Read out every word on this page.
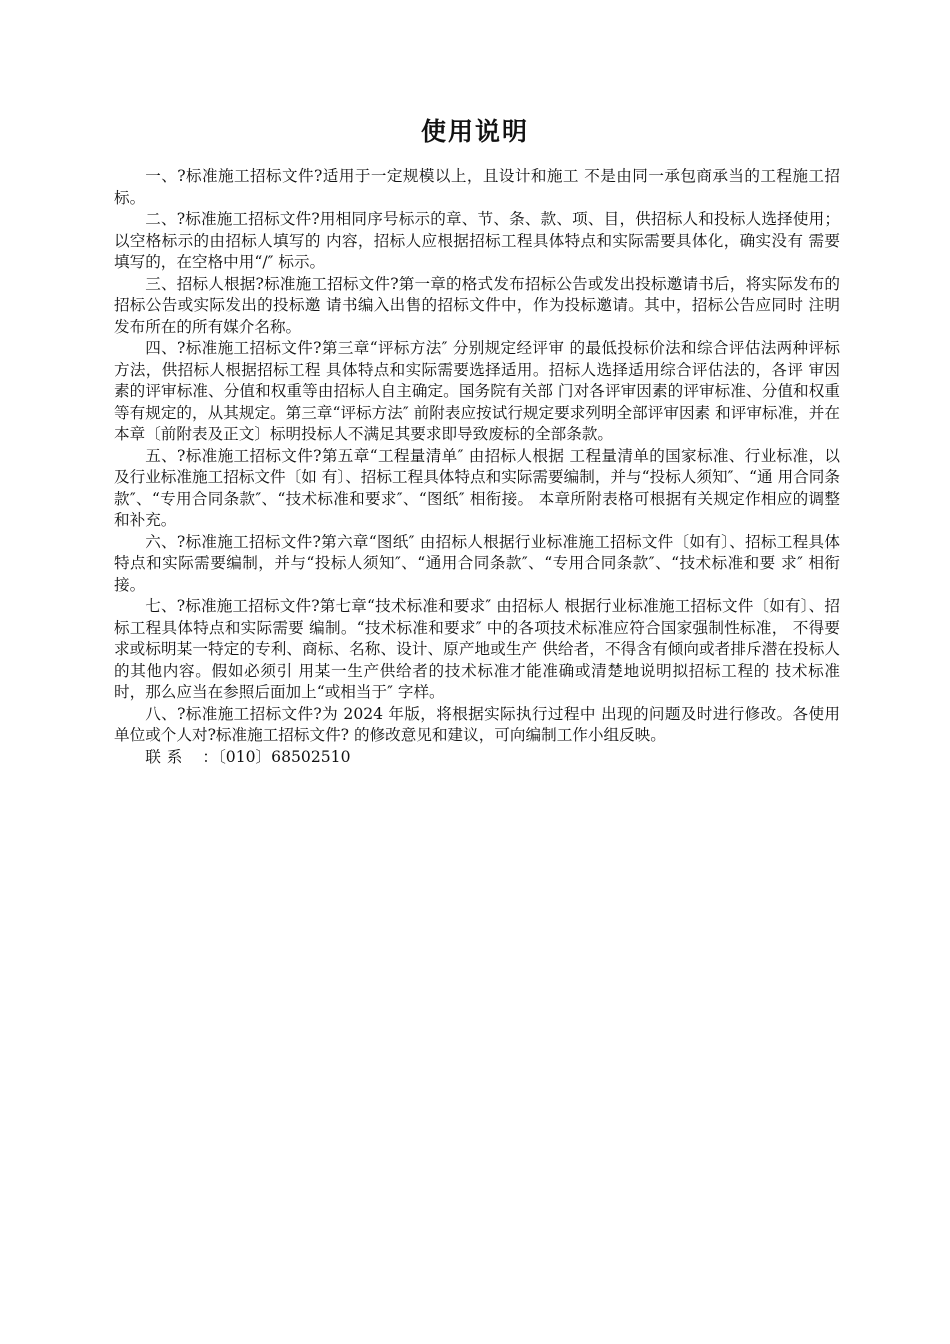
使用说明

一、?标准施工招标文件?适用于一定规模以上，且设计和施工 不是由同一承包商承当的工程施工招标。

二、?标准施工招标文件?用相同序号标示的章、节、条、款、项、目，供招标人和投标人选择使用；以空格标示的由招标人填写的 内容，招标人应根据招标工程具体特点和实际需要具体化，确实没有 需要填写的，在空格中用“/″ 标示。

三、招标人根据?标准施工招标文件?第一章的格式发布招标公告或发出投标邀请书后，将实际发布的招标公告或实际发出的投标邀 请书编入出售的招标文件中，作为投标邀请。其中，招标公告应同时 注明发布所在的所有媒介名称。

四、?标准施工招标文件?第三章“评标方法″ 分别规定经评审 的最低投标价法和综合评估法两种评标方法，供招标人根据招标工程 具体特点和实际需要选择适用。招标人选择适用综合评估法的，各评 审因素的评审标准、分值和权重等由招标人自主确定。国务院有关部 门对各评审因素的评审标准、分值和权重等有规定的，从其规定。第三章“评标方法″ 前附表应按试行规定要求列明全部评审因素 和评审标准，并在本章〔前附表及正文〕标明投标人不满足其要求即导致废标的全部条款。

五、?标准施工招标文件?第五章“工程量清单″ 由招标人根据 工程量清单的国家标准、行业标准，以及行业标准施工招标文件〔如 有〕、招标工程具体特点和实际需要编制，并与“投标人须知″、“通 用合同条款″、“专用合同条款″、“技术标准和要求″、“图纸″ 相衔接。 本章所附表格可根据有关规定作相应的调整和补充。

六、?标准施工招标文件?第六章“图纸″ 由招标人根据行业标准施工招标文件〔如有〕、招标工程具体特点和实际需要编制，并与“投标人须知″、“通用合同条款″、“专用合同条款″、“技术标准和要 求″ 相衔接。

七、?标准施工招标文件?第七章“技术标准和要求″ 由招标人 根据行业标准施工招标文件〔如有〕、招标工程具体特点和实际需要 编制。“技术标准和要求″ 中的各项技术标准应符合国家强制性标准， 不得要求或标明某一特定的专利、商标、名称、设计、原产地或生产 供给者，不得含有倾向或者排斥潜在投标人的其他内容。假如必须引 用某一生产供给者的技术标准才能准确或清楚地说明拟招标工程的 技术标准时，那么应当在参照后面加上“或相当于″ 字样。

八、?标准施工招标文件?为 2024 年版，将根据实际执行过程中 出现的问题及时进行修改。各使用单位或个人对?标准施工招标文件? 的修改意见和建议，可向编制工作小组反映。

联系 ：〔010〕68502510
